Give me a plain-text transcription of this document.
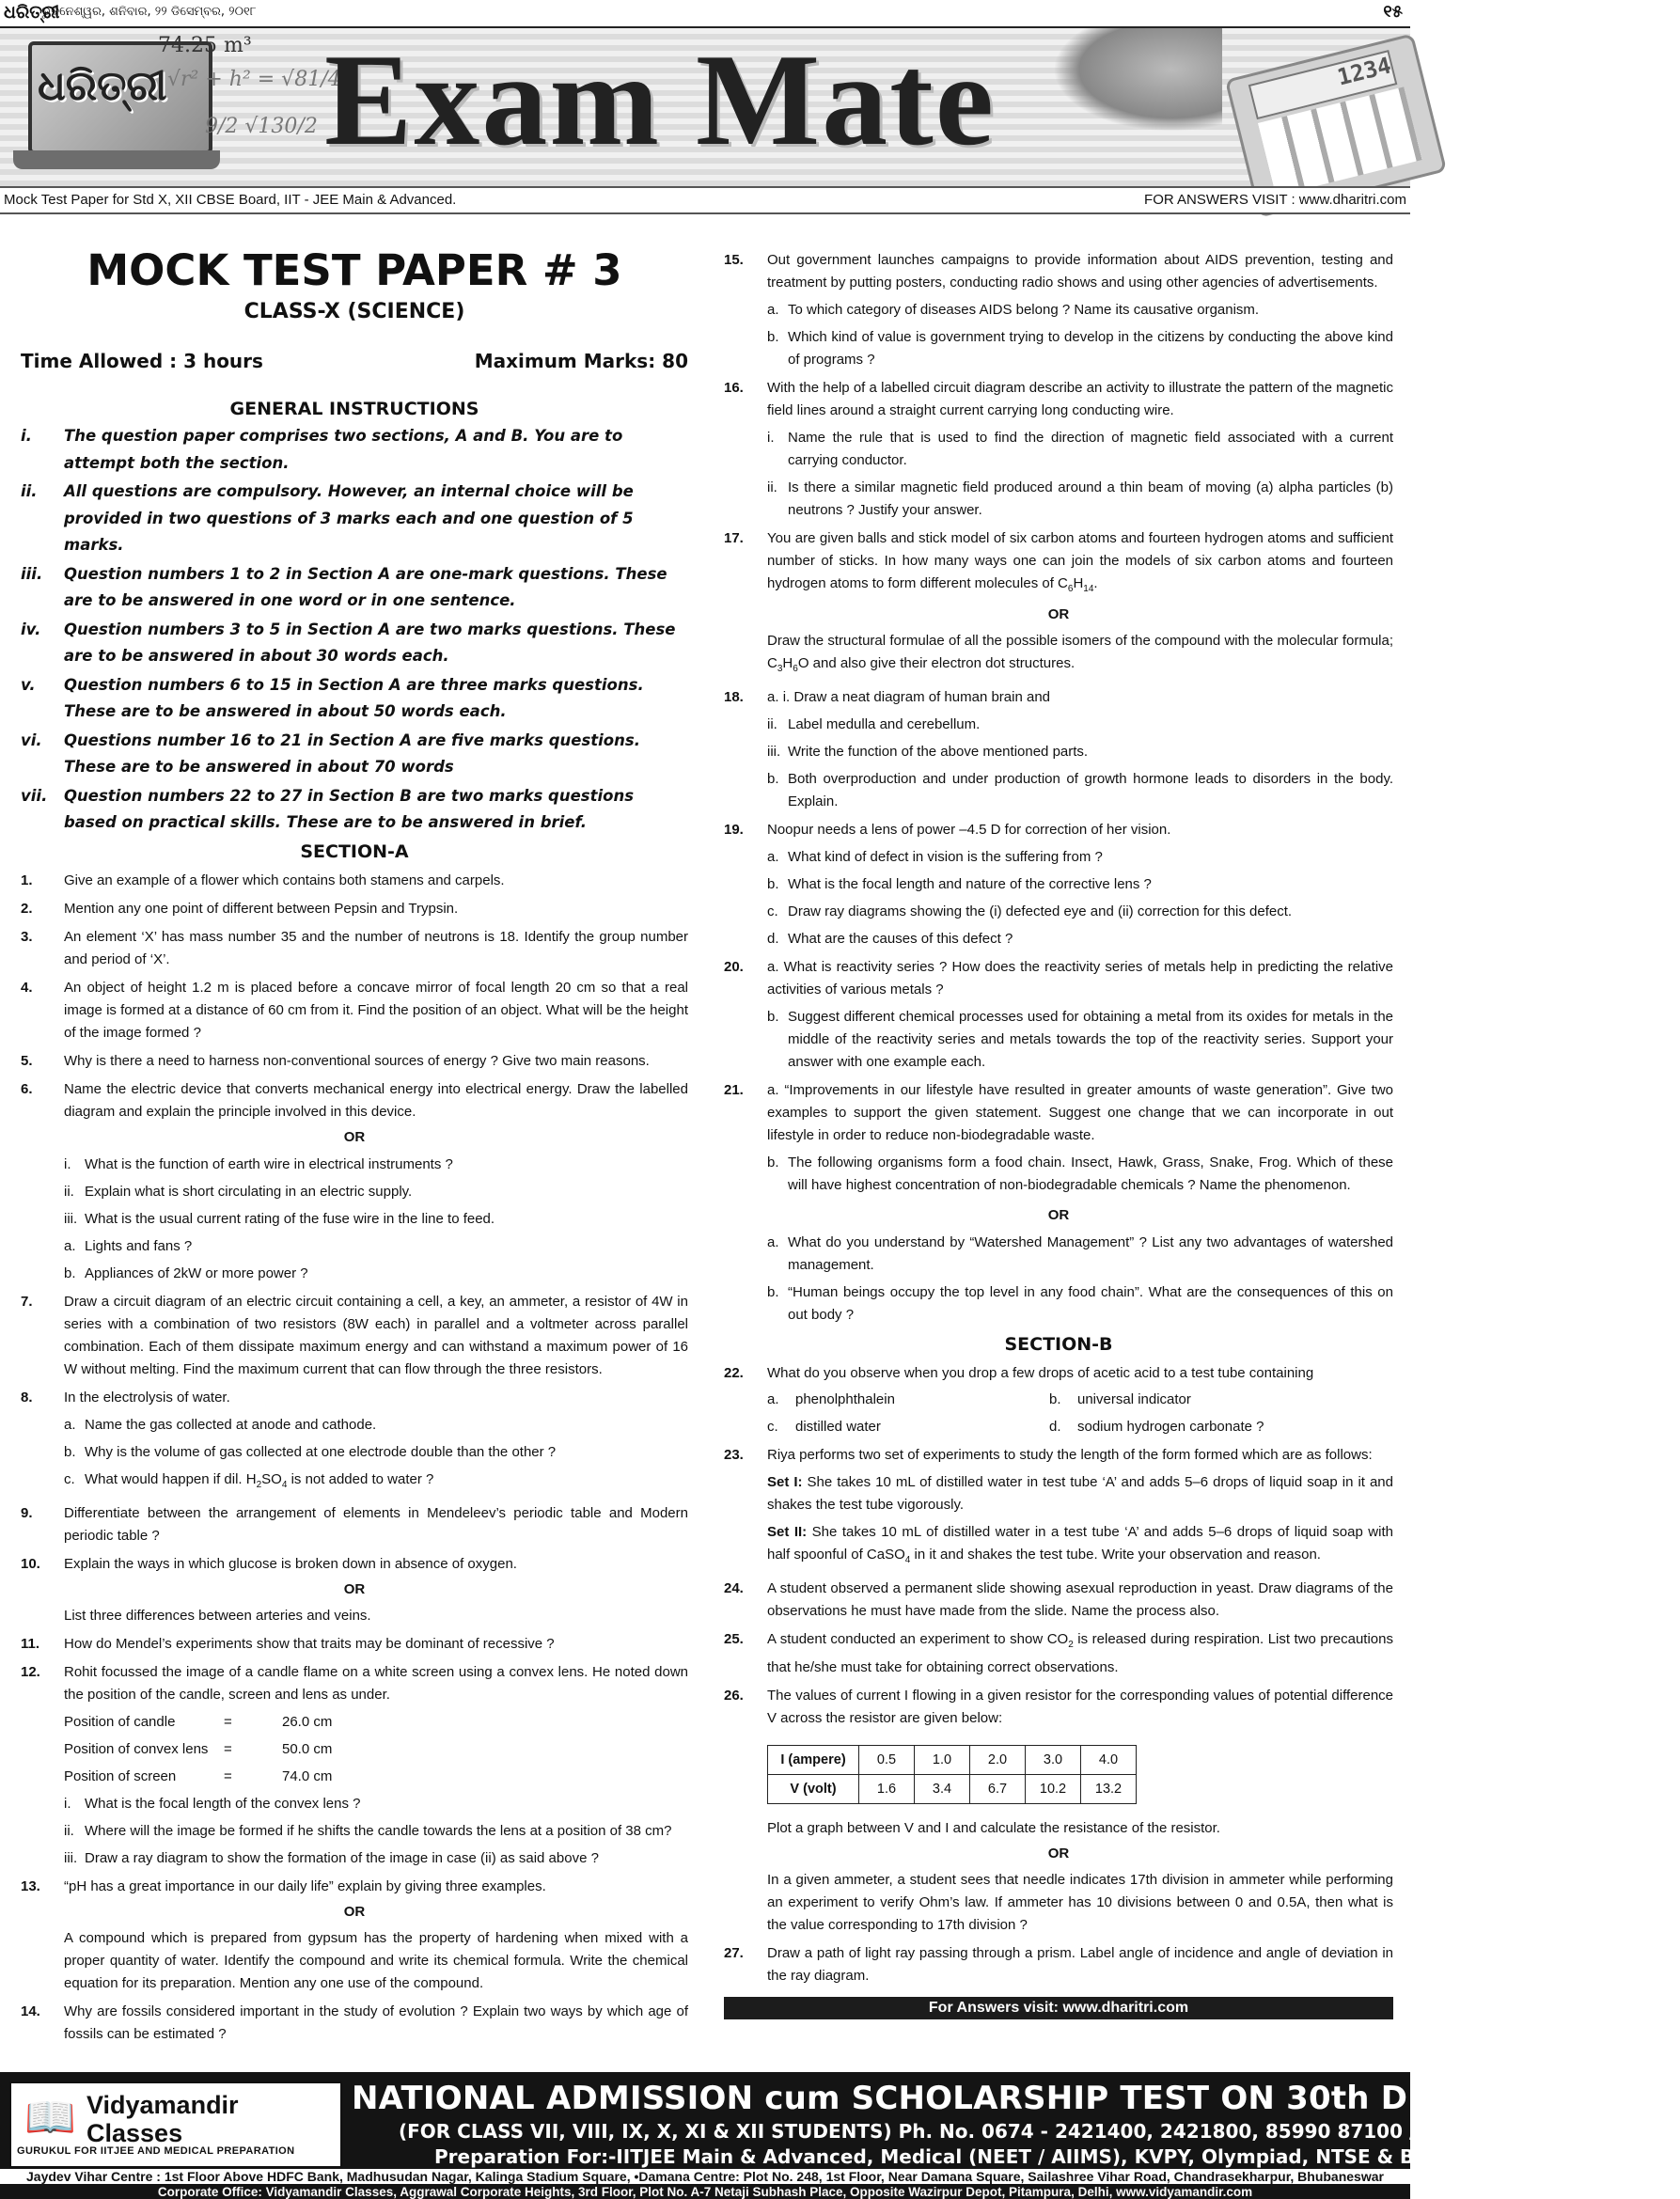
ଧରିତ୍ରୀ
ଭୁବନେଶ୍ୱର, ଶନିବାର, ୨୨ ଡିସେମ୍ବର, ୨୦୧୮	୧୫
ଧରିତ୍ରୀ
74.25 m³
√r² + h² = √81/4
9/2 √130/2 Exam Mate	1234
Mock Test Paper for Std X, XII CBSE Board, IIT - JEE Main & Advanced.	FOR ANSWERS VISIT : www.dharitri.com
MOCK TEST PAPER # 3
CLASS-X (SCIENCE)
Time Allowed : 3 hours	Maximum Marks: 80
GENERAL INSTRUCTIONS
i.	The question paper comprises two sections, A and B. You are to attempt both the section.
ii.	All questions are compulsory. However, an internal choice will be provided in two questions of 3 marks each and one question of 5 marks.
iii.	Question numbers 1 to 2 in Section A are one-mark questions. These are to be answered in one word or in one sentence.
iv.	Question numbers 3 to 5 in Section A are two marks questions. These are to be answered in about 30 words each.
v.	Question numbers 6 to 15 in Section A are three marks questions. These are to be answered in about 50 words each.
vi.	Questions number 16 to 21 in Section A are five marks questions. These are to be answered in about 70 words
vii.	Question numbers 22 to 27 in Section B are two marks questions based on practical skills. These are to be answered in brief.
SECTION-A
1.	Give an example of a flower which contains both stamens and carpels.
2.	Mention any one point of different between Pepsin and Trypsin.
3.	An element ‘X’ has mass number 35 and the number of neutrons is 18. Identify the group number and period of ‘X’.
4.	An object of height 1.2 m is placed before a concave mirror of focal length 20 cm so that a real image is formed at a distance of 60 cm from it. Find the position of an object. What will be the height of the image formed ?
5.	Why is there a need to harness non-conventional sources of energy ? Give two main reasons.
6.	Name the electric device that converts mechanical energy into electrical energy. Draw the labelled diagram and explain the principle involved in this device.
OR
i. What is the function of earth wire in electrical instruments ?
ii. Explain what is short circulating in an electric supply.
iii. What is the usual current rating of the fuse wire in the line to feed.
a. Lights and fans ?
b. Appliances of 2kW or more power ?
7.	Draw a circuit diagram of an electric circuit containing a cell, a key, an ammeter, a resistor of 4W in series with a combination of two resistors (8W each) in parallel and a voltmeter across parallel combination. Each of them dissipate maximum energy and can withstand a maximum power of 16 W without melting. Find the maximum current that can flow through the three resistors.
8.	In the electrolysis of water.
a. Name the gas collected at anode and cathode.
b. Why is the volume of gas collected at one electrode double than the other ?
c. What would happen if dil. $H_2SO_4$ is not added to water ?
9.	Differentiate between the arrangement of elements in Mendeleev’s periodic table and Modern periodic table ?
10.	Explain the ways in which glucose is broken down in absence of oxygen.
OR
List three differences between arteries and veins.
11.	How do Mendel’s experiments show that traits may be dominant of recessive ?
12.	Rohit focussed the image of a candle flame on a white screen using a convex lens. He noted down the position of the candle, screen and lens as under.
Position of candle	=	26.0 cm
Position of convex lens	=	50.0 cm
Position of screen	=	74.0 cm
i. What is the focal length of the convex lens ?
ii. Where will the image be formed if he shifts the candle towards the lens at a position of 38 cm?
iii. Draw a ray diagram to show the formation of the image in case (ii) as said above ?
13.	“pH has a great importance in our daily life” explain by giving three examples.
OR
A compound which is prepared from gypsum has the property of hardening when mixed with a proper quantity of water. Identify the compound and write its chemical formula. Write the chemical equation for its preparation. Mention any one use of the compound.
14.	Why are fossils considered important in the study of evolution ? Explain two ways by which age of fossils can be estimated ?
15.	Out government launches campaigns to provide information about AIDS prevention, testing and treatment by putting posters, conducting radio shows and using other agencies of advertisements.
a. To which category of diseases AIDS belong ? Name its causative organism.
b. Which kind of value is government trying to develop in the citizens by conducting the above kind of programs ?
16.	With the help of a labelled circuit diagram describe an activity to illustrate the pattern of the magnetic field lines around a straight current carrying long conducting wire.
i. Name the rule that is used to find the direction of magnetic field associated with a current carrying conductor.
ii. Is there a similar magnetic field produced around a thin beam of moving (a) alpha particles (b) neutrons ? Justify your answer.
17.	You are given balls and stick model of six carbon atoms and fourteen hydrogen atoms and sufficient number of sticks. In how many ways one can join the models of six carbon atoms and fourteen hydrogen atoms to form different molecules of $C_6H_{14}$.
OR
Draw the structural formulae of all the possible isomers of the compound with the molecular formula; $C_3H_6O$ and also give their electron dot structures.
18.	a. i. Draw a neat diagram of human brain and
ii. Label medulla and cerebellum.
iii. Write the function of the above mentioned parts.
b. Both overproduction and under production of growth hormone leads to disorders in the body. Explain.
19.	Noopur needs a lens of power –4.5 D for correction of her vision.
a. What kind of defect in vision is the suffering from ?
b. What is the focal length and nature of the corrective lens ?
c. Draw ray diagrams showing the (i) defected eye and (ii) correction for this defect.
d. What are the causes of this defect ?
20.	a. What is reactivity series ? How does the reactivity series of metals help in predicting the relative activities of various metals ?
b. Suggest different chemical processes used for obtaining a metal from its oxides for metals in the middle of the reactivity series and metals towards the top of the reactivity series. Support your answer with one example each.
21.	a. “Improvements in our lifestyle have resulted in greater amounts of waste generation”. Give two examples to support the given statement. Suggest one change that we can incorporate in out lifestyle in order to reduce non-biodegradable waste.
b. The following organisms form a food chain. Insect, Hawk, Grass, Snake, Frog. Which of these will have highest concentration of non-biodegradable chemicals ? Name the phenomenon.
OR
a. What do you understand by “Watershed Management” ? List any two advantages of watershed management.
b. “Human beings occupy the top level in any food chain”. What are the consequences of this on out body ?
SECTION-B
22.	What do you observe when you drop a few drops of acetic acid to a test tube containing
a.	phenolphthalein	b.	universal indicator
c.	distilled water	d.	sodium hydrogen carbonate ?
23.	Riya performs two set of experiments to study the length of the form formed which are as follows:
Set I: She takes 10 mL of distilled water in test tube ‘A’ and adds 5–6 drops of liquid soap in it and shakes the test tube vigorously.
Set II: She takes 10 mL of distilled water in a test tube ‘A’ and adds 5–6 drops of liquid soap with half spoonful of CaSO$_4$ in it and shakes the test tube. Write your observation and reason.
24.	A student observed a permanent slide showing asexual reproduction in yeast. Draw diagrams of the observations he must have made from the slide. Name the process also.
25.	A student conducted an experiment to show $CO_2$ is released during respiration. List two precautions that he/she must take for obtaining correct observations.
26.	The values of current I flowing in a given resistor for the corresponding values of potential difference V across the resistor are given below:
I (ampere)	0.5	1.0	2.0	3.0	4.0
V (volt)	1.6	3.4	6.7	10.2	13.2
Plot a graph between V and I and calculate the resistance of the resistor.
OR
In a given ammeter, a student sees that needle indicates 17th division in ammeter while performing an experiment to verify Ohm’s law. If ammeter has 10 divisions between 0 and 0.5A, then what is the value corresponding to 17th division ?
27.	Draw a path of light ray passing through a prism. Label angle of incidence and angle of deviation in the ray diagram.
For Answers visit: www.dharitri.com
📖 Vidyamandir
Classes
GURUKUL FOR IITJEE AND MEDICAL PREPARATION
NATIONAL ADMISSION cum SCHOLARSHIP TEST ON 30th DECEMBER 2018
(FOR CLASS VII, VIII, IX, X, XI & XII STUDENTS) Ph. No. 0674 - 2421400, 2421800, 85990 87100 / 85990 87200
Preparation For:-IITJEE Main & Advanced, Medical (NEET / AIIMS), KVPY, Olympiad, NTSE & Board.
Jaydev Vihar Centre : 1st Floor Above HDFC Bank, Madhusudan Nagar, Kalinga Stadium Square, •Damana Centre: Plot No. 248, 1st Floor, Near Damana Square, Sailashree Vihar Road, Chandrasekharpur, Bhubaneswar
Corporate Office: Vidyamandir Classes, Aggrawal Corporate Heights, 3rd Floor, Plot No. A-7 Netaji Subhash Place, Opposite Wazirpur Depot, Pitampura, Delhi, www.vidyamandir.com
